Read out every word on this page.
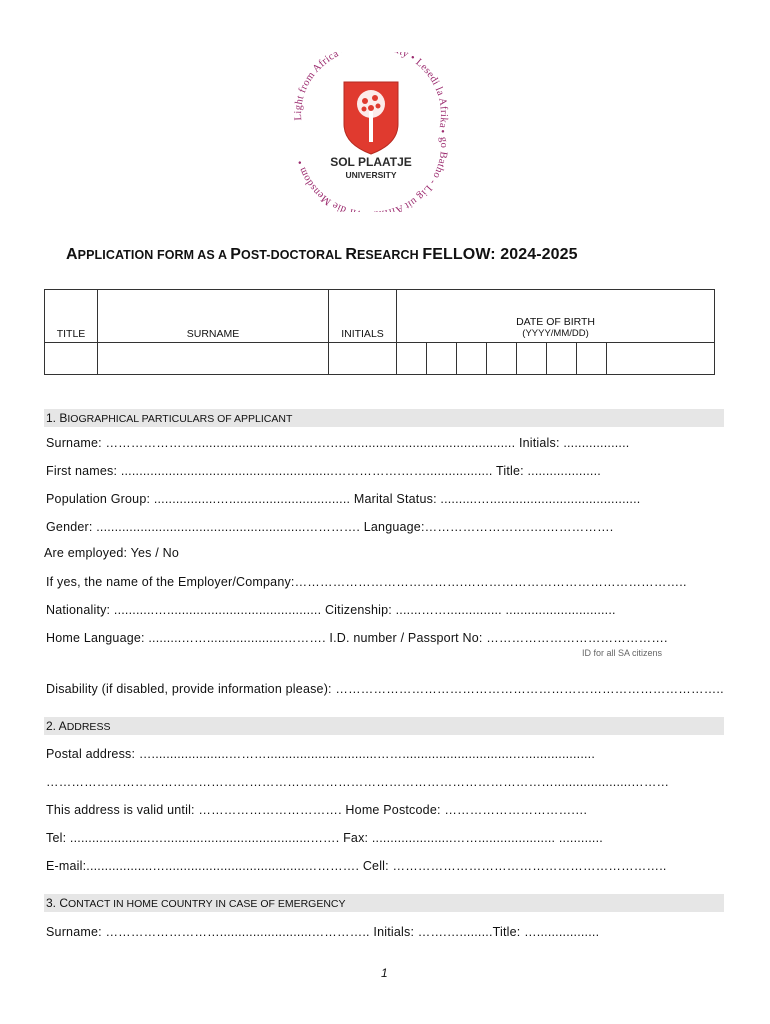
Light from Africa ty • Lesedi la Afrika • go Batho - Lig uit Afr r die Mensdom •	SOL PLAATJE
UNIVERSITY
APPLICATION FORM AS A POST-DOCTORAL RESEARCH FELLOW: 2024-2025
TITLE	SURNAME	INITIALS	DATE OF BIRTH
(YYYY/MM/DD)							

1. BIOGRAPHICAL PARTICULARS OF APPLICANT
Surname: ………………….............................…….…............................................... Initials: ..................
First names: ..........................................................…………….…….................. Title: ....................
Population Group: .................…................................. Marital Status: ..........….........................................
Gender: .........................................................…………. Language:…………………….….…………….
Are employed: Yes / No
If yes, the name of the Employer/Company:………………………………….……………………………………………..
Nationality: ...........….......................................... Citizenship: .......……............... ..............................
Home Language: .........…….....................………. I.D. number / Passport No: …………………………………….
ID for all SA citizens
Disability (if disabled, provide information please): ………………………………………………………………………………..
2. ADDRESS
Postal address: ….....................………..............................……..............................…...................
………………………………………………………………………………………………………….....................………
This address is valid until: ……………………………. Home Postcode: ………………………….…
Tel: ......................…........................................……. Fax: ......................……..................... ............
E-mail:..................…......................................…………. Cell: ………………………………………………………..
3. CONTACT IN HOME COUNTRY IN CASE OF EMERGENCY
Surname: ……………………….........................………….. Initials: …….….........Title: ….................
1
